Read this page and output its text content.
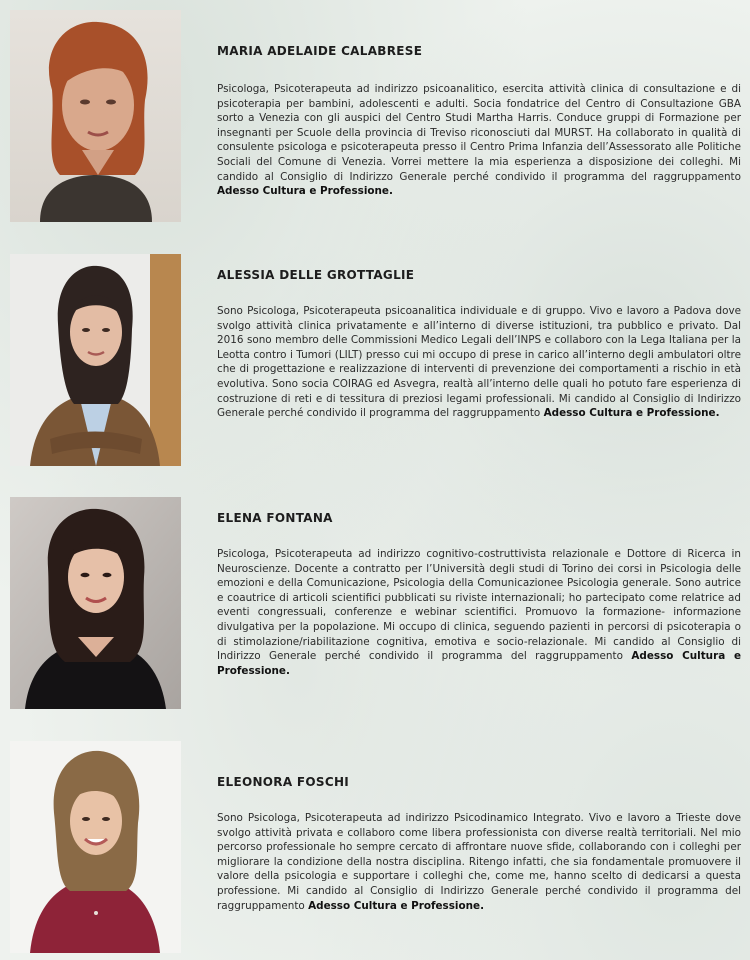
MARIA ADELAIDE CALABRESE

Psicologa, Psicoterapeuta ad indirizzo psicoanalitico, esercita attività clinica di consultazione e di psicoterapia per bambini, adolescenti e adulti. Socia fondatrice del Centro di Consultazione GBA sorto a Venezia con gli auspici del Centro Studi Martha Harris. Conduce gruppi di Formazione per insegnanti per Scuole della provincia di Treviso riconosciuti dal MURST. Ha collaborato in qualità di consulente psicologa e psicoterapeuta presso il Centro Prima Infanzia dell’Assessorato alle Politiche Sociali del Comune di Venezia. Vorrei mettere la mia esperienza a disposizione dei colleghi. Mi candido al Consiglio di Indirizzo Generale perché condivido il programma del raggruppamento Adesso Cultura e Professione.

ALESSIA DELLE GROTTAGLIE

Sono Psicologa, Psicoterapeuta psicoanalitica individuale e di gruppo. Vivo e lavoro a Padova dove svolgo attività clinica privatamente e all’interno di diverse istituzioni, tra pubblico e privato. Dal 2016 sono membro delle Commissioni Medico Legali dell’INPS e collaboro con la Lega Italiana per la Leotta contro i Tumori (LILT) presso cui mi occupo di prese in carico all’interno degli ambulatori oltre che di progettazione e realizzazione di interventi di prevenzione dei comportamenti a rischio in età evolutiva. Sono socia COIRAG ed Asvegra, realtà all’interno delle quali ho potuto fare esperienza di costruzione di reti e di tessitura di preziosi legami professionali. Mi candido al Consiglio di Indirizzo Generale perché condivido il programma del raggruppamento Adesso Cultura e Professione.

ELENA FONTANA

Psicologa, Psicoterapeuta ad indirizzo cognitivo-costruttivista relazionale e Dottore di Ricerca in Neuroscienze. Docente a contratto per l’Università degli studi di Torino dei corsi in Psicologia delle emozioni e della Comunicazione, Psicologia della Comunicazionee Psicologia generale. Sono autrice e coautrice di articoli scientifici pubblicati su riviste internazionali; ho partecipato come relatrice ad eventi congressuali, conferenze e webinar scientifici. Promuovo la formazione- informazione divulgativa per la popolazione. Mi occupo di clinica, seguendo pazienti in percorsi di psicoterapia o di stimolazione/riabilitazione cognitiva, emotiva e socio-relazionale. Mi candido al Consiglio di Indirizzo Generale perché condivido il programma del raggruppamento Adesso Cultura e Professione.

ELEONORA FOSCHI

Sono Psicologa, Psicoterapeuta ad indirizzo Psicodinamico Integrato. Vivo e lavoro a Trieste dove svolgo attività privata e collaboro come libera professionista con diverse realtà territoriali. Nel mio percorso professionale ho sempre cercato di affrontare nuove sfide, collaborando con i colleghi per migliorare la condizione della nostra disciplina. Ritengo infatti, che sia fondamentale promuovere il valore della psicologia e supportare i colleghi che, come me, hanno scelto di dedicarsi a questa professione. Mi candido al Consiglio di Indirizzo Generale perché condivido il programma del raggruppamento Adesso Cultura e Professione.
